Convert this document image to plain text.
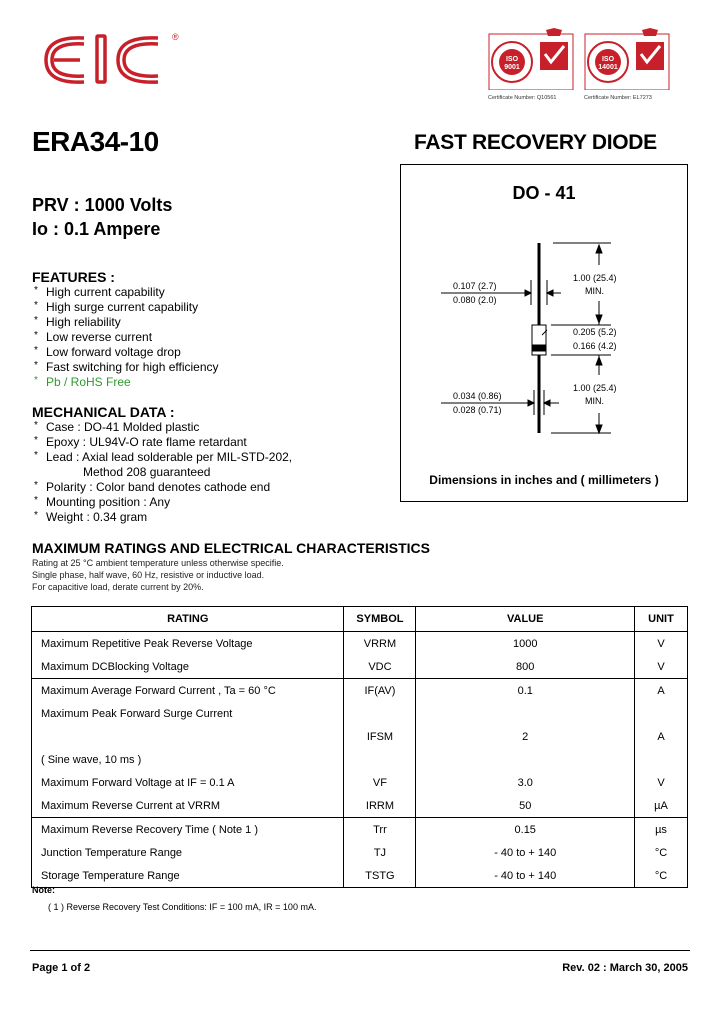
®
ISO
9001
Certificate Number: Q10561
ISO
14001
Certificate Number: EL7273
ERA34-10	FAST RECOVERY DIODE
PRV : 1000 Volts
Io : 0.1 Ampere
FEATURES :
* High current capability
* High surge current capability
* High reliability
* Low reverse current
* Low forward voltage drop
* Fast switching for high efficiency
* Pb / RoHS Free
MECHANICAL DATA :
* Case : DO-41 Molded plastic
* Epoxy : UL94V-O rate flame retardant
* Lead : Axial lead solderable per MIL-STD-202,
Method 208 guaranteed
* Polarity : Color band denotes cathode end
* Mounting position : Any
* Weight : 0.34 gram
DO - 41
0.107 (2.7)
0.080 (2.0)
1.00 (25.4)
MIN.
0.205 (5.2)
0.166 (4.2)
0.034 (0.86)
0.028 (0.71)
1.00 (25.4)
MIN.
Dimensions in inches and ( millimeters )
MAXIMUM RATINGS AND ELECTRICAL CHARACTERISTICS
Rating at 25 °C ambient temperature unless otherwise specifie.
Single phase, half wave, 60 Hz, resistive or inductive load.
For capacitive load, derate current by 20%.
RATING	SYMBOL	VALUE	UNIT
Maximum Repetitive Peak Reverse Voltage	VRRM	1000	V
Maximum DCBlocking Voltage	VDC	800	V
Maximum Average Forward Current , Ta = 60 °C	IF(AV)	0.1	A
Maximum Peak Forward Surge Current			
	IFSM	2	A
( Sine wave, 10 ms )			
Maximum Forward Voltage at IF = 0.1 A	VF	3.0	V
Maximum Reverse Current at VRRM	IRRM	50	µA
Maximum Reverse Recovery Time ( Note 1 )	Trr	0.15	µs
Junction Temperature Range	TJ	- 40 to + 140	°C
Storage Temperature Range	TSTG	- 40 to + 140	°C
Note:
( 1 ) Reverse Recovery Test Conditions: IF = 100 mA, IR = 100 mA.
Page 1 of 2	Rev. 02 : March 30, 2005
